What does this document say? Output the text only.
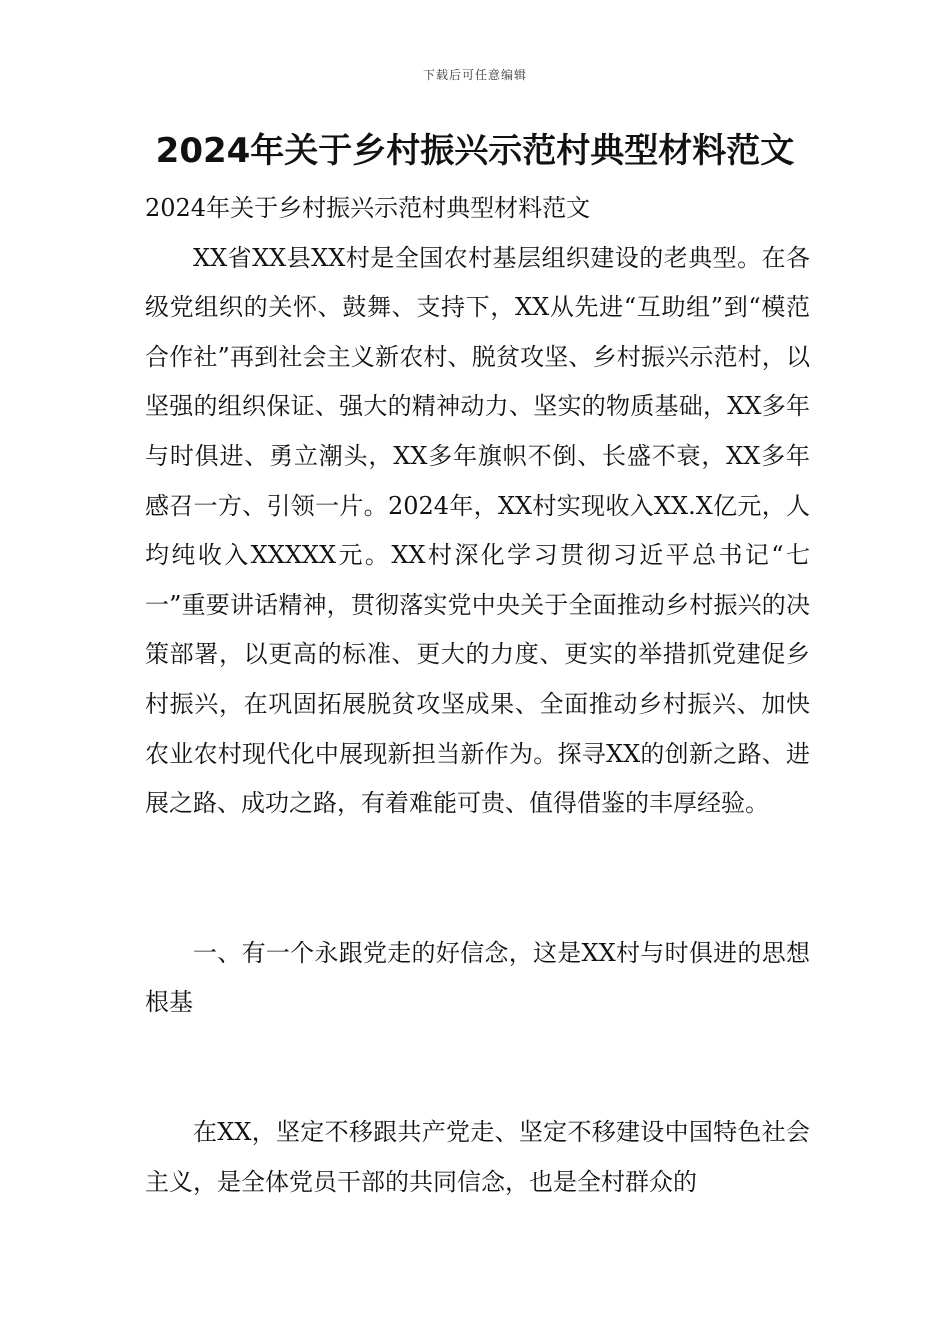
下载后可任意编辑
2024年关于乡村振兴示范村典型材料范文

2024年关于乡村振兴示范村典型材料范文

XX省XX县XX村是全国农村基层组织建设的老典型。在各级党组织的关怀、鼓舞、支持下，XX从先进“互助组”到“模范合作社”再到社会主义新农村、脱贫攻坚、乡村振兴示范村，以坚强的组织保证、强大的精神动力、坚实的物质基础，XX多年与时俱进、勇立潮头，XX多年旗帜不倒、长盛不衰，XX多年感召一方、引领一片。2024年，XX村实现收入XX.X亿元，人均纯收入XXXXX元。XX村深化学习贯彻习近平总书记“七一”重要讲话精神，贯彻落实党中央关于全面推动乡村振兴的决策部署，以更高的标准、更大的力度、更实的举措抓党建促乡村振兴，在巩固拓展脱贫攻坚成果、全面推动乡村振兴、加快农业农村现代化中展现新担当新作为。探寻XX的创新之路、进展之路、成功之路，有着难能可贵、值得借鉴的丰厚经验。

一、有一个永跟党走的好信念，这是XX村与时俱进的思想根基

在XX，坚定不移跟共产党走、坚定不移建设中国特色社会主义，是全体党员干部的共同信念，也是全村群众的
